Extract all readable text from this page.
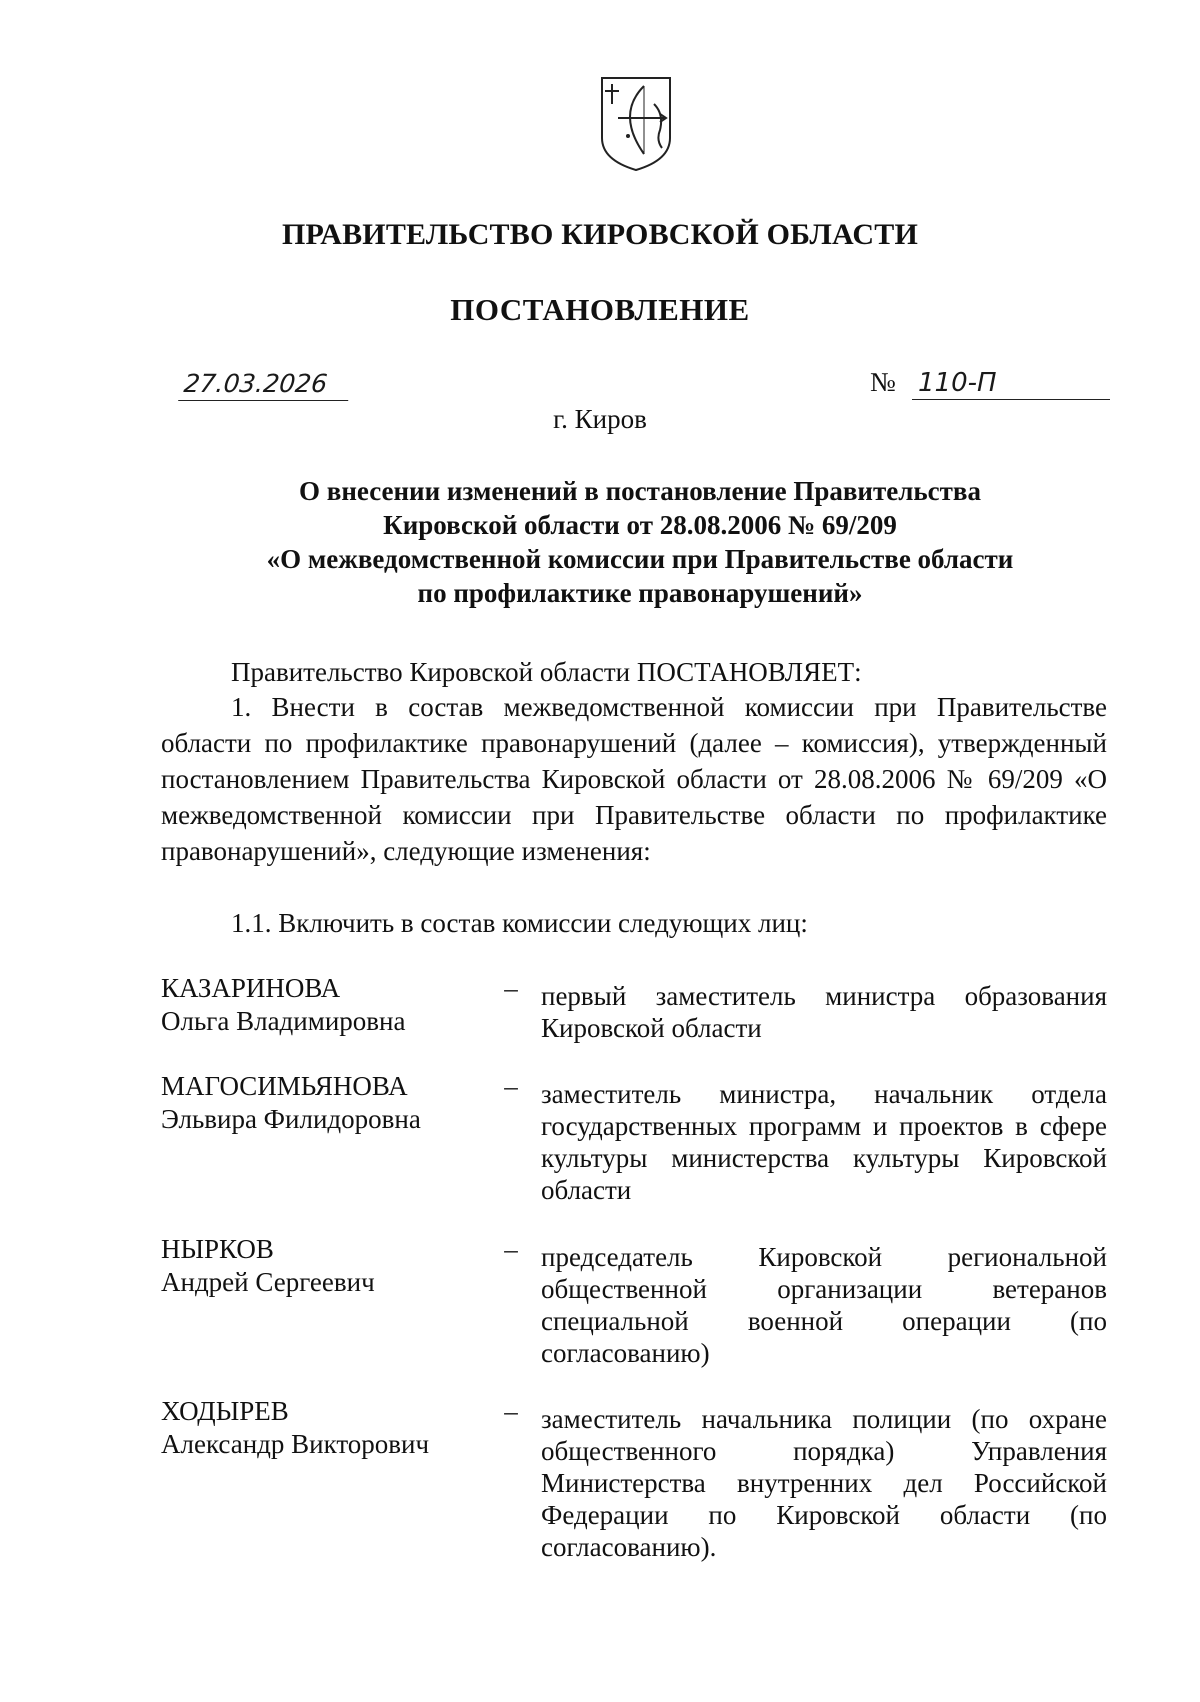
ПРАВИТЕЛЬСТВО КИРОВСКОЙ ОБЛАСТИ
ПОСТАНОВЛЕНИЕ
27.03.2026	№ 110-П
г. Киров
О внесении изменений в постановление Правительства
Кировской области от 28.08.2006 № 69/209
«О межведомственной комиссии при Правительстве области
по профилактике правонарушений»
Правительство Кировской области ПОСТАНОВЛЯЕТ:

1. Внести в состав межведомственной комиссии при Правительстве области по профилактике правонарушений (далее – комиссия), утвержденный постановлением Правительства Кировской области от 28.08.2006 № 69/209 «О межведомственной комиссии при Правительстве области по профилактике правонарушений», следующие изменения:

1.1. Включить в состав комиссии следующих лиц:
КАЗАРИНОВА
Ольга Владимировна
– первый заместитель министра образования Кировской области
МАГОСИМЬЯНОВА
Эльвира Филидоровна
– заместитель министра, начальник отдела государственных программ и проектов в сфере культуры министерства культуры Кировской области
НЫРКОВ
Андрей Сергеевич
– председатель Кировской региональной общественной организации ветеранов специальной военной операции (по согласованию)
ХОДЫРЕВ
Александр Викторович
– заместитель начальника полиции (по охране общественного порядка) Управления Министерства внутренних дел Российской Федерации по Кировской области (по согласованию).
